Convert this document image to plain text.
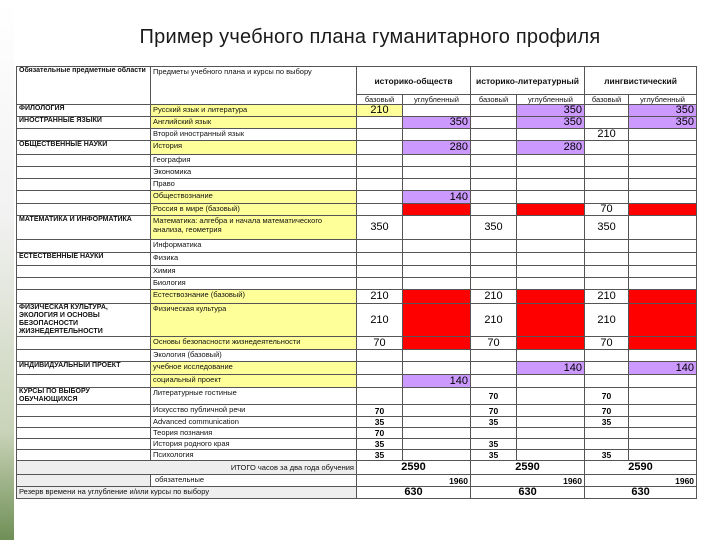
Пример учебного плана гуманитарного профиля
Обязательные предметные области	Предметы учебного плана и курсы по выбору	историко-обществ		историко-литературный		лингвистический	
		базовый	углубленный	базовый	углубленный	базовый	углубленный
ФИЛОЛОГИЯ	Русский язык и литература	210			350		350
ИНОСТРАННЫЕ ЯЗЫКИ	Английский язык		350		350		350
	Второй иностранный язык					210	
ОБЩЕСТВЕННЫЕ НАУКИ	История		280		280		
	География						
	Экономика						
	Право						
	Обществознание		140				
	Россия в мире (базовый)					70	
МАТЕМАТИКА И ИНФОРМАТИКА	Математика: алгебра и начала математического анализа, геометрия	350		350		350	
	Информатика						
ЕСТЕСТВЕННЫЕ НАУКИ	Физика						
	Химия						
	Биология						
	Естествознание (базовый)	210		210		210	
ФИЗИЧЕСКАЯ КУЛЬТУРА, ЭКОЛОГИЯ И ОСНОВЫ БЕЗОПАСНОСТИ ЖИЗНЕДЕЯТЕЛЬНОСТИ	Физическая культура	210		210		210	
	Основы безопасности жизнедеятельности	70		70		70	
	Экология (базовый)						
ИНДИВИДУАЛЬНЫЙ ПРОЕКТ	учебное исследование				140		140
	социальный проект		140				
КУРСЫ ПО ВЫБОРУ ОБУЧАЮЩИХСЯ	Литературные гостиные			70		70	
	Искусство публичной речи	70		70		70	
	Advanced communication	35		35		35	
	Теория познания	70					
	История родного края	35		35			
	Психология	35		35		35	
ИТОГО часов за два года обучения		2590		2590		2590	
	обязательные	1960		1960		1960	
Резерв времени на углубление и/или курсы по выбору		630		630		630	
